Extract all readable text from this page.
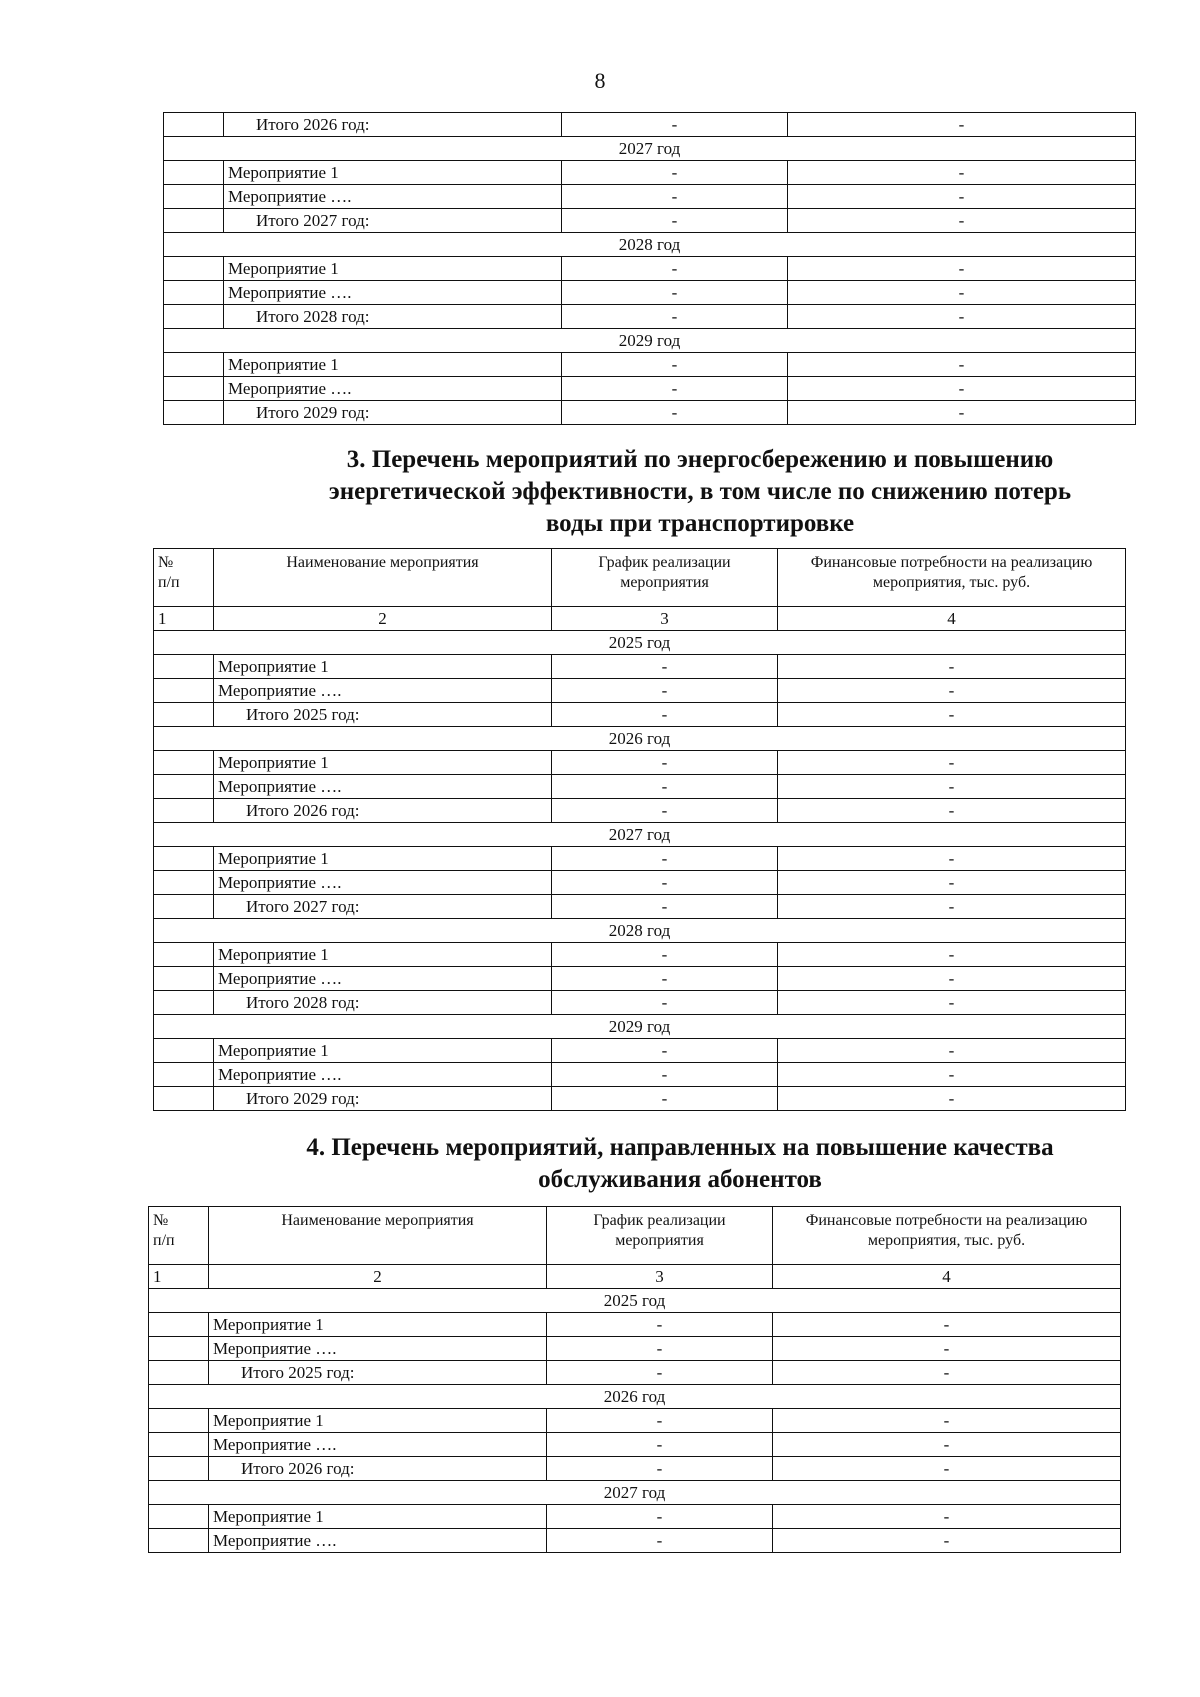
8
	Итого 2026 год:	-	-
2027 год			
	Мероприятие 1	-	-
	Мероприятие ….	-	-
	Итого 2027 год:	-	-
2028 год			
	Мероприятие 1	-	-
	Мероприятие ….	-	-
	Итого 2028 год:	-	-
2029 год			
	Мероприятие 1	-	-
	Мероприятие ….	-	-
	Итого 2029 год:	-	-
3. Перечень мероприятий по энергосбережению и повышению
энергетической эффективности, в том числе по снижению потерь
воды при транспортировке
№
п/п	Наименование мероприятия	График реализации мероприятия	Финансовые потребности на реализацию мероприятия, тыс. руб.
1	2	3	4
2025 год			
	Мероприятие 1	-	-
	Мероприятие ….	-	-
	Итого 2025 год:	-	-
2026 год			
	Мероприятие 1	-	-
	Мероприятие ….	-	-
	Итого 2026 год:	-	-
2027 год			
	Мероприятие 1	-	-
	Мероприятие ….	-	-
	Итого 2027 год:	-	-
2028 год			
	Мероприятие 1	-	-
	Мероприятие ….	-	-
	Итого 2028 год:	-	-
2029 год			
	Мероприятие 1	-	-
	Мероприятие ….	-	-
	Итого 2029 год:	-	-
4. Перечень мероприятий, направленных на повышение качества
обслуживания абонентов
№
п/п	Наименование мероприятия	График реализации мероприятия	Финансовые потребности на реализацию мероприятия, тыс. руб.
1	2	3	4
2025 год			
	Мероприятие 1	-	-
	Мероприятие ….	-	-
	Итого 2025 год:	-	-
2026 год			
	Мероприятие 1	-	-
	Мероприятие ….	-	-
	Итого 2026 год:	-	-
2027 год			
	Мероприятие 1	-	-
	Мероприятие ….	-	-
